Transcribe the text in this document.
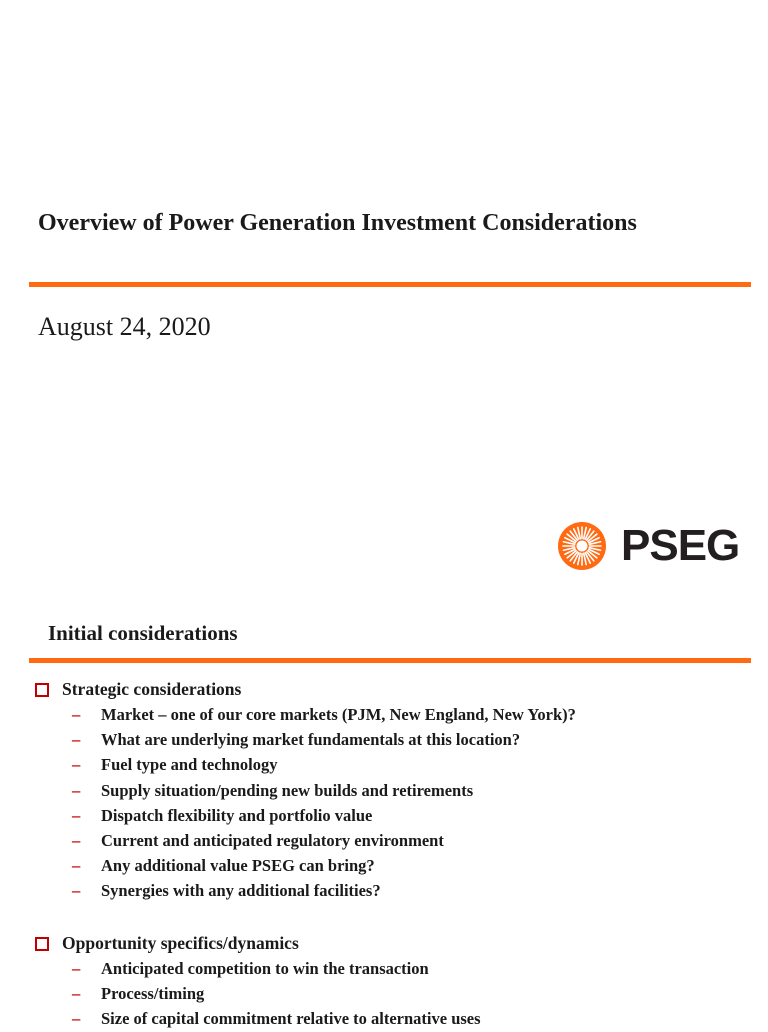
Overview of Power Generation Investment Considerations
August 24, 2020
PSEG
Initial considerations
Strategic considerations
– Market – one of our core markets (PJM, New England, New York)?
– What are underlying market fundamentals at this location?
– Fuel type and technology
– Supply situation/pending new builds and retirements
– Dispatch flexibility and portfolio value
– Current and anticipated regulatory environment
– Any additional value PSEG can bring?
– Synergies with any additional facilities?
Opportunity specifics/dynamics
– Anticipated competition to win the transaction
– Process/timing
– Size of capital commitment relative to alternative uses
